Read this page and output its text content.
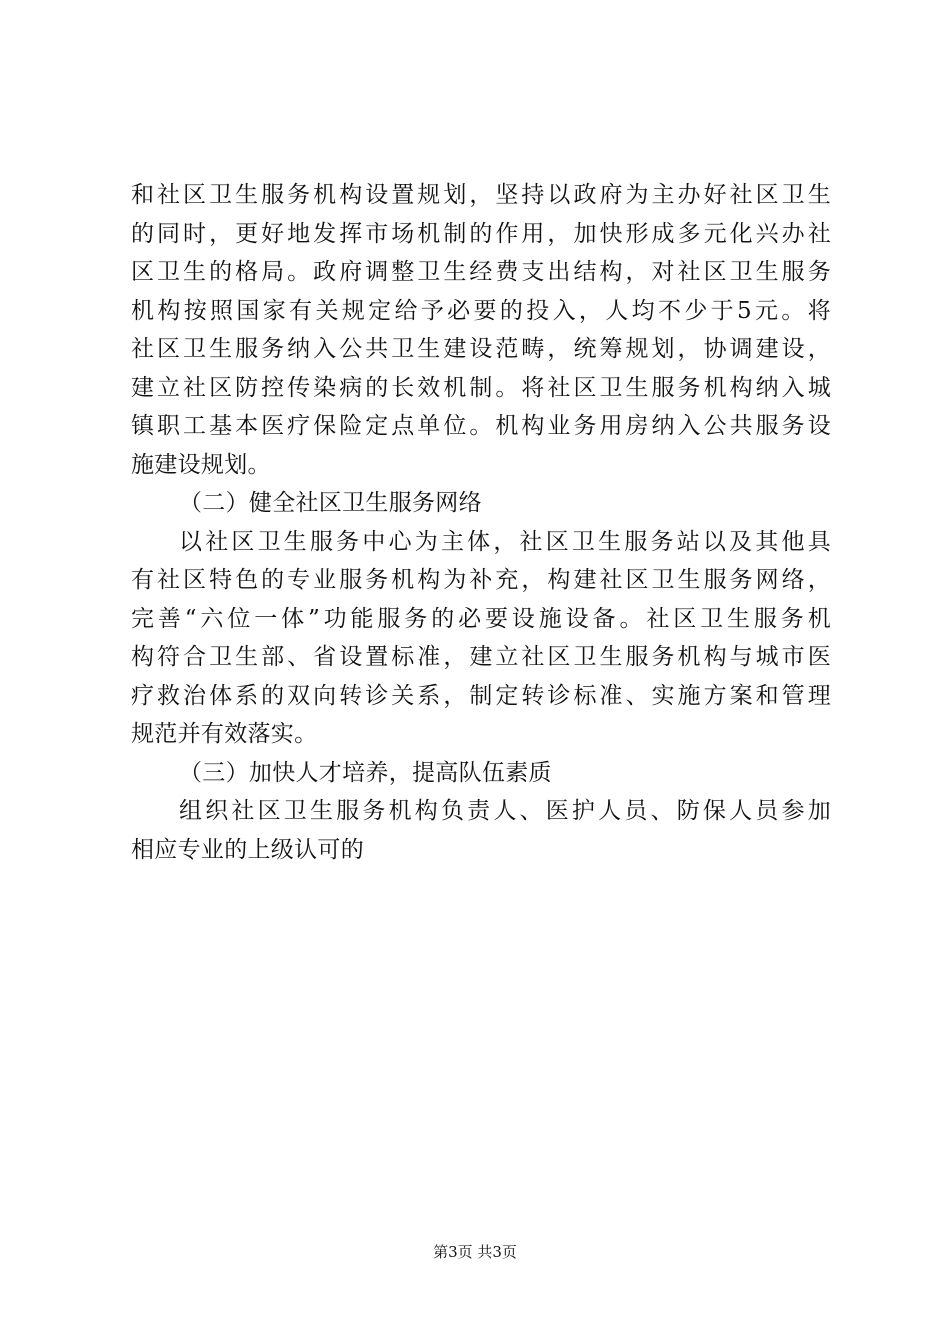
和社区卫生服务机构设置规划，坚持以政府为主办好社区卫生
的同时，更好地发挥市场机制的作用，加快形成多元化兴办社
区卫生的格局。政府调整卫生经费支出结构，对社区卫生服务
机构按照国家有关规定给予必要的投入，人均不少于5元。将
社区卫生服务纳入公共卫生建设范畴，统筹规划，协调建设，
建立社区防控传染病的长效机制。将社区卫生服务机构纳入城
镇职工基本医疗保险定点单位。机构业务用房纳入公共服务设
施建设规划。
（二）健全社区卫生服务网络
以社区卫生服务中心为主体，社区卫生服务站以及其他具
有社区特色的专业服务机构为补充，构建社区卫生服务网络，
完善“六位一体”功能服务的必要设施设备。社区卫生服务机
构符合卫生部、省设置标准，建立社区卫生服务机构与城市医
疗救治体系的双向转诊关系，制定转诊标准、实施方案和管理
规范并有效落实。
（三）加快人才培养，提高队伍素质
组织社区卫生服务机构负责人、医护人员、防保人员参加
相应专业的上级认可的
第3页 共3页
